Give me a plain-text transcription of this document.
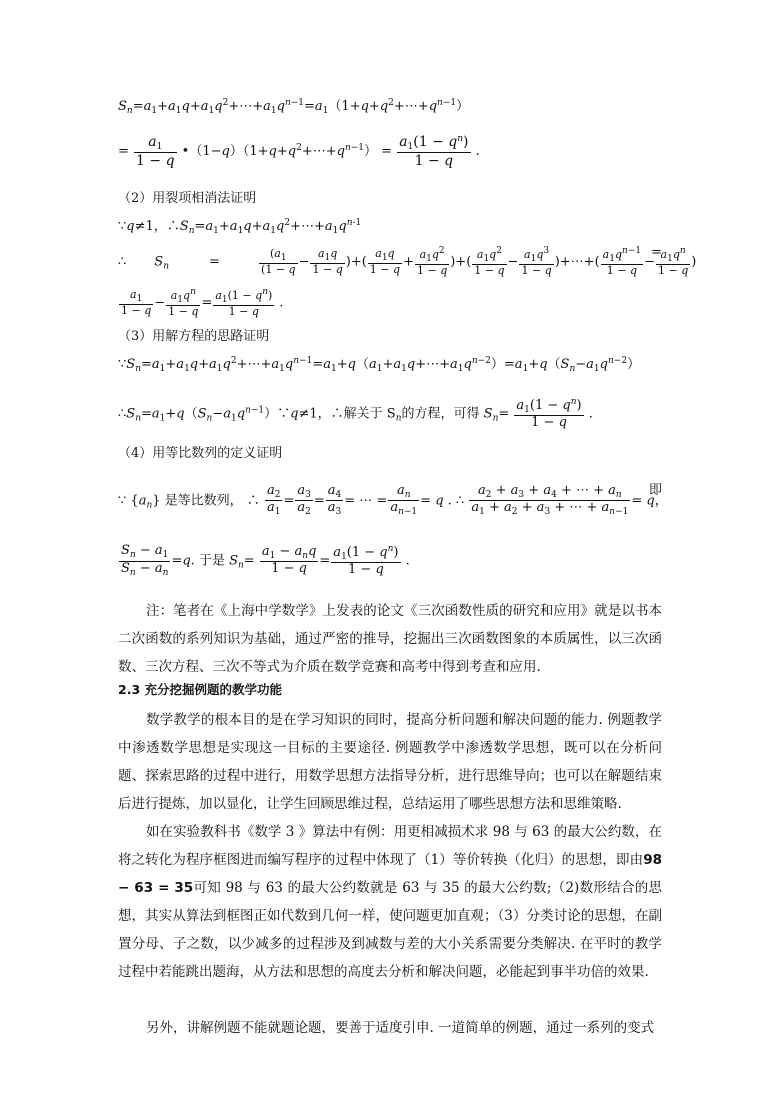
$S_n=a_1+a_1q+a_1q^2+\cdots+a_1q^{n-1}=a_1(1+q+q^2+\cdots+q^{n-1})$
= $\frac{a_1}{1 - q}$ $•(1-q)(1+q+q^2+\cdots+q^{n-1}) = \frac{a_1(1 - q^n)}{1 - q}$ .
（2）用裂项相消法证明
∵q≠1，$\therefore S_n=a_1+a_1q+a_1q^2+\cdots+a_1q^{n-1}$
∴ $S_n$	=	$\frac{(a_1}{(1 - q} - \frac{a_1q}{1 - q}$ )+( $\frac{a_1q}{1 - q} + \frac{a_1q^2}{1 - q}$ )+( $\frac{a_1q^2}{1 - q} - \frac{a_1q^3}{1 - q}$ )+⋯+( $\frac{a_1q^{n-1}}{1 - q} - \frac{a_1q^n}{1 - q}$ )
=
$\frac{a_1}{1 - q} - \frac{a_1q^n}{1 - q} = \frac{a_1(1 - q^n)}{1 - q}$ .
（3）用解方程的思路证明
$\because S_n=a_1+a_1q+a_1q^2+\cdots+a_1q^{n-1}=a_1+q(a_1+a_1q+\cdots+a_1q^{n-2})=a_1+q(S_n-a_1q^{n-2})$
$\therefore S_n=a_1+q(S_n-a_1q^{n-1})\because q\ne 1$，∴解关于 $S_n$的方程，可得 $S_n= \frac{a_1(1 - q^n)}{1 - q}$ .
（4）用等比数列的定义证明
∵ $\{a_n\}$ 是等比数列， ∴ $\frac{a_2}{a_1} = \frac{a_3}{a_2} = \frac{a_4}{a_3}$ = ⋯ = $\frac{a_n}{a_{n-1}} = q$ . ∴ $\frac{a_2 + a_3 + a_4 + \cdots + a_n}{a_1 + a_2 + a_3 + \cdots + a_{n-1}} = q$，
即
$\frac{S_n - a_1}{S_n - a_n} =q$. 于是 $S_n=$
$a_1 - a_nq$
1 − q
= $\frac{a_1(1 - q^n)}{1 - q}$ .
注：笔者在《上海中学数学》上发表的论文《三次函数性质的研究和应用》就是以书本二次函数的系列知识为基础，通过严密的推导，挖掘出三次函数图象的本质属性，以三次函数、三次方程、三次不等式为介质在数学竞赛和高考中得到考查和应用.
2.3 充分挖掘例题的教学功能
数学教学的根本目的是在学习知识的同时，提高分析问题和解决问题的能力. 例题教学中渗透数学思想是实现这一目标的主要途径. 例题教学中渗透数学思想，既可以在分析问题、探索思路的过程中进行，用数学思想方法指导分析，进行思维导向；也可以在解题结束后进行提炼，加以显化，让学生回顾思维过程，总结运用了哪些思想方法和思维策略.
如在实验教科书《数学 3 》算法中有例：用更相减损术求 98 与 63 的最大公约数，在将之转化为程序框图进而编写程序的过程中体现了（1）等价转换（化归）的思想，即由98 − 63 = 35可知 98 与 63 的最大公约数就是 63 与 35 的最大公约数;（2)数形结合的思想，其实从算法到框图正如代数到几何一样，使问题更加直观；（3）分类讨论的思想，在副置分母、子之数，以少减多的过程涉及到减数与差的大小关系需要分类解决. 在平时的教学过程中若能跳出题海，从方法和思想的高度去分析和解决问题，必能起到事半功倍的效果.
另外，讲解例题不能就题论题，要善于适度引申. 一道简单的例题，通过一系列的变式
